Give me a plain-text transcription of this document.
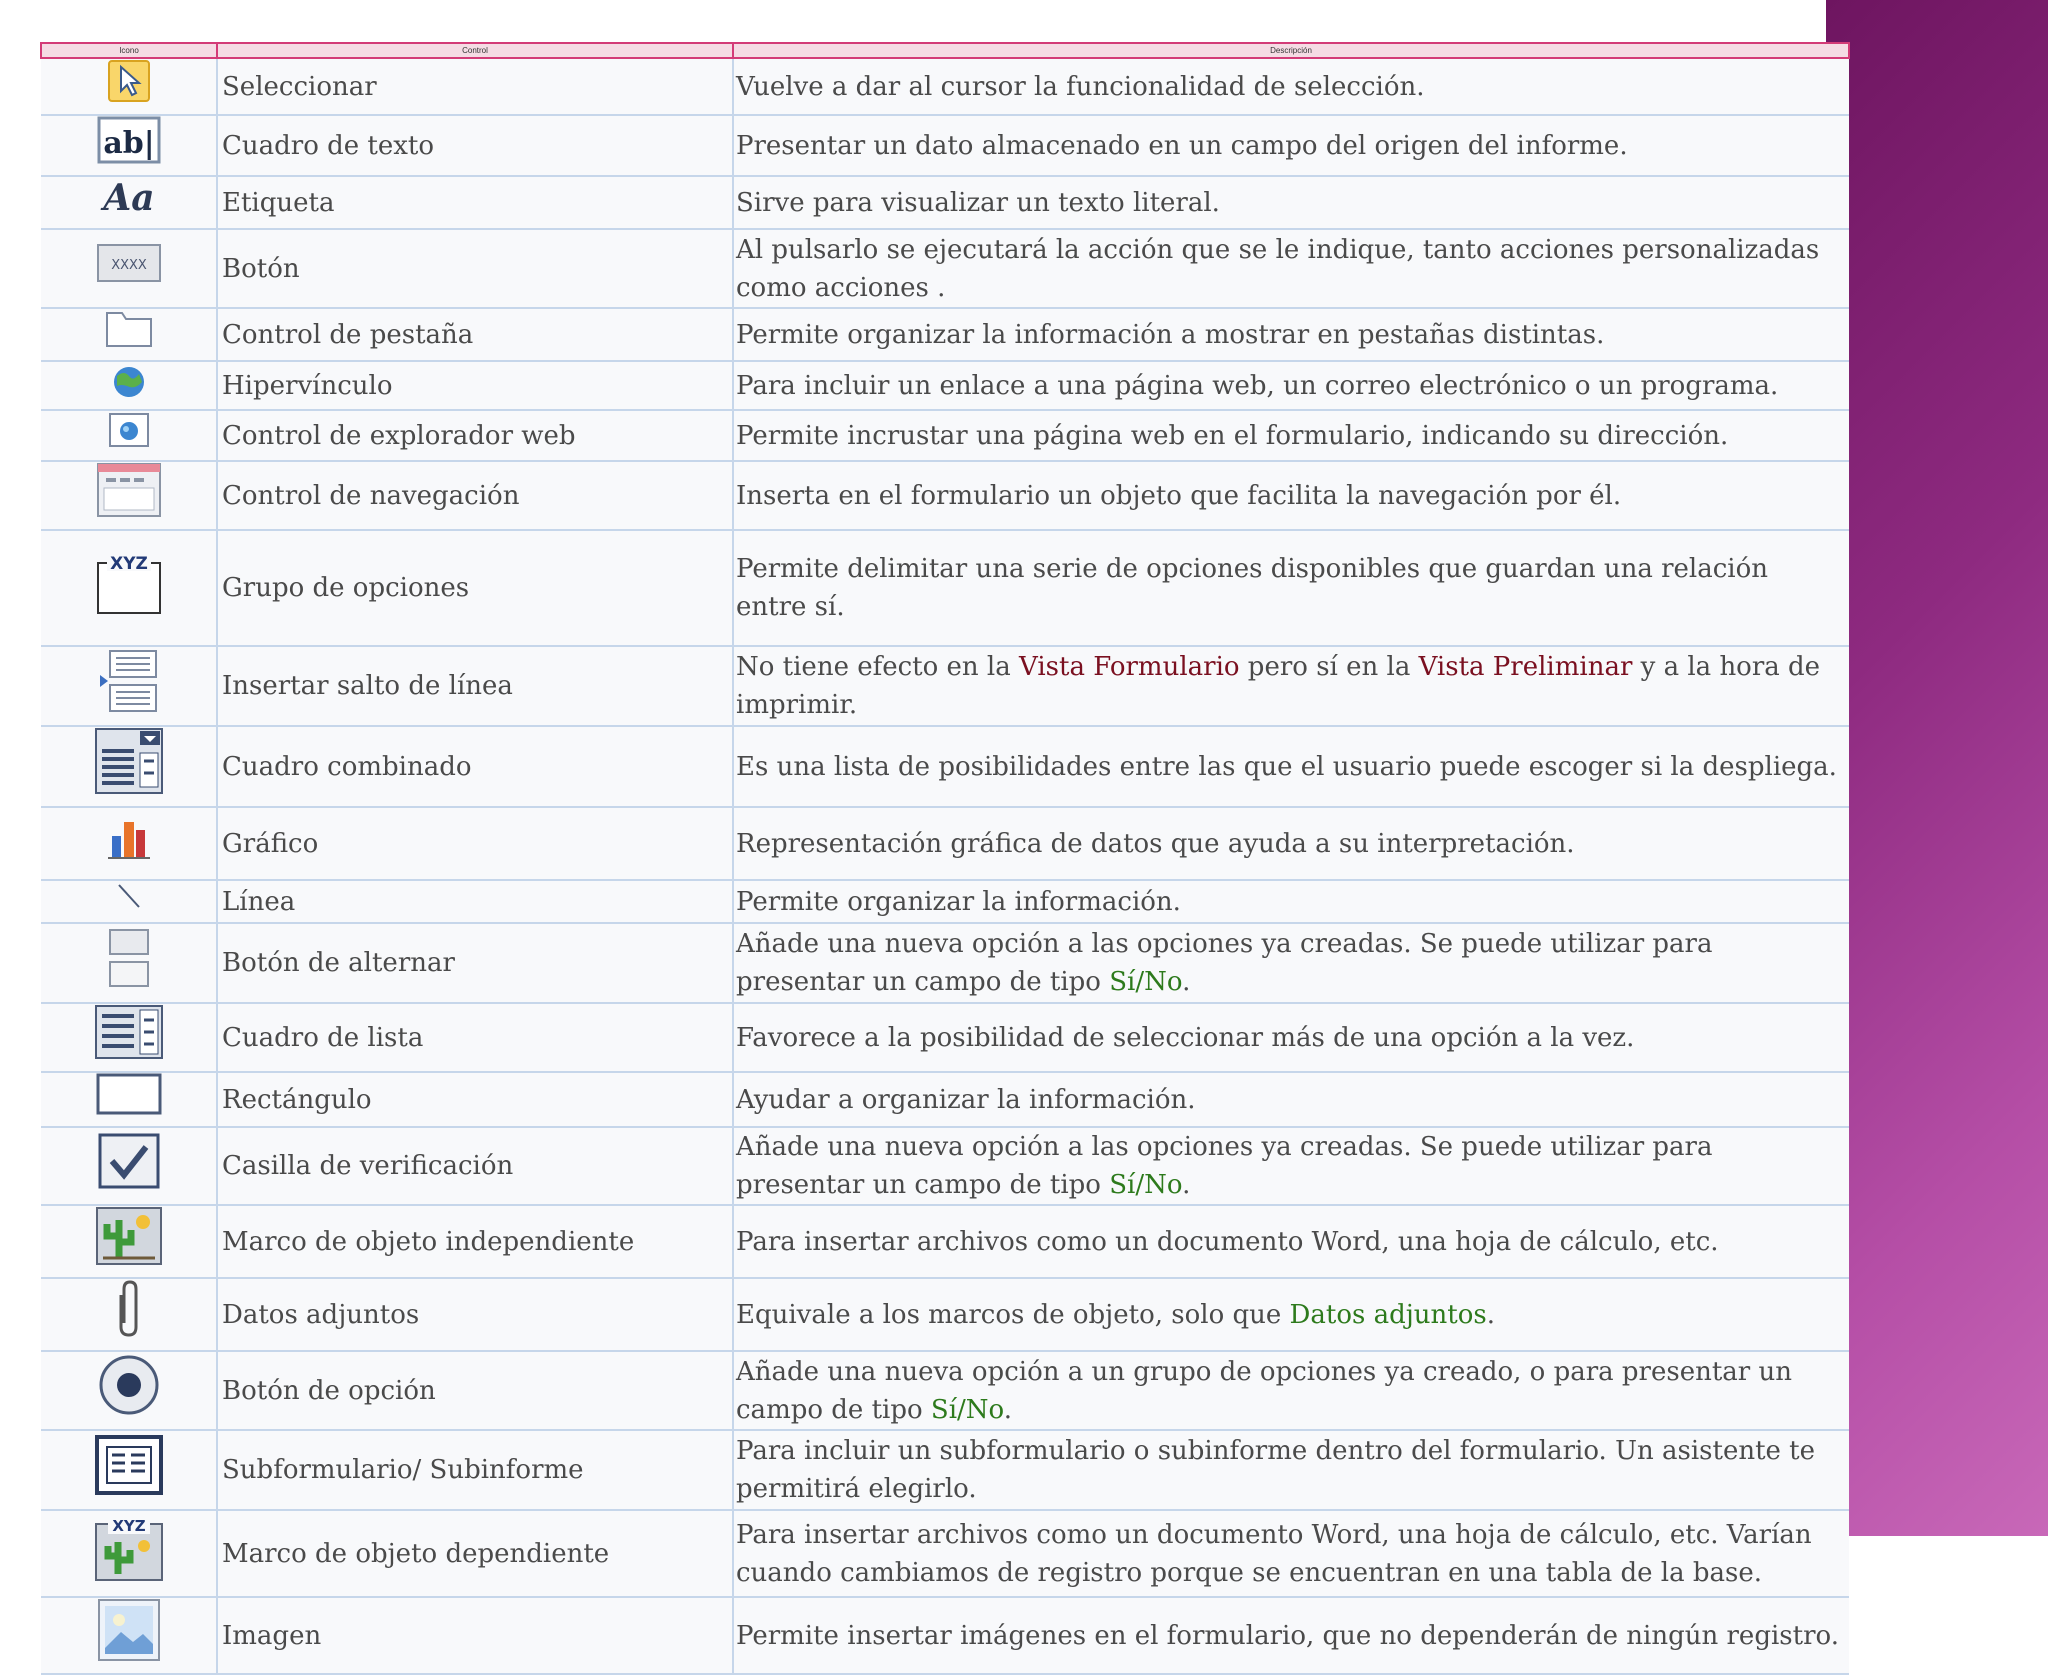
Icono	Control	Descripción
	Seleccionar	Vuelve a dar al cursor la funcionalidad de selección.

ab|	Cuadro de texto	Presentar un dato almacenado en un campo del origen del informe.

Aa	Etiqueta	Sirve para visualizar un texto literal.

XXXX	Botón	Al pulsarlo se ejecutará la acción que se le indique, tanto acciones personalizadas como acciones .
	Control de pestaña	Permite organizar la información a mostrar en pestañas distintas.
	Hipervínculo	Para incluir un enlace a una página web, un correo electrónico o un programa.
	Control de explorador web	Permite incrustar una página web en el formulario, indicando su dirección.
	Control de navegación	Inserta en el formulario un objeto que facilita la navegación por él.

XYZ	Grupo de opciones	Permite delimitar una serie de opciones disponibles que guardan una relación entre sí.
	Insertar salto de línea	No tiene efecto en la Vista Formulario pero sí en la Vista Preliminar y a la hora de imprimir.
	Cuadro combinado	Es una lista de posibilidades entre las que el usuario puede escoger si la despliega.
	Gráfico	Representación gráfica de datos que ayuda a su interpretación.
	Línea	Permite organizar la información.
	Botón de alternar	Añade una nueva opción a las opciones ya creadas. Se puede utilizar para presentar un campo de tipo Sí/No.
	Cuadro de lista	Favorece a la posibilidad de seleccionar más de una opción a la vez.
	Rectángulo	Ayudar a organizar la información.
	Casilla de verificación	Añade una nueva opción a las opciones ya creadas. Se puede utilizar para presentar un campo de tipo Sí/No.
	Marco de objeto independiente	Para insertar archivos como un documento Word, una hoja de cálculo, etc.
	Datos adjuntos	Equivale a los marcos de objeto, solo que Datos adjuntos.
	Botón de opción	Añade una nueva opción a un grupo de opciones ya creado, o para presentar un campo de tipo Sí/No.
	Subformulario/ Subinforme	Para incluir un subformulario o subinforme dentro del formulario. Un asistente te permitirá elegirlo.

XYZ	Marco de objeto dependiente	Para insertar archivos como un documento Word, una hoja de cálculo, etc. Varían cuando cambiamos de registro porque se encuentran en una tabla de la base.
	Imagen	Permite insertar imágenes en el formulario, que no dependerán de ningún registro.
